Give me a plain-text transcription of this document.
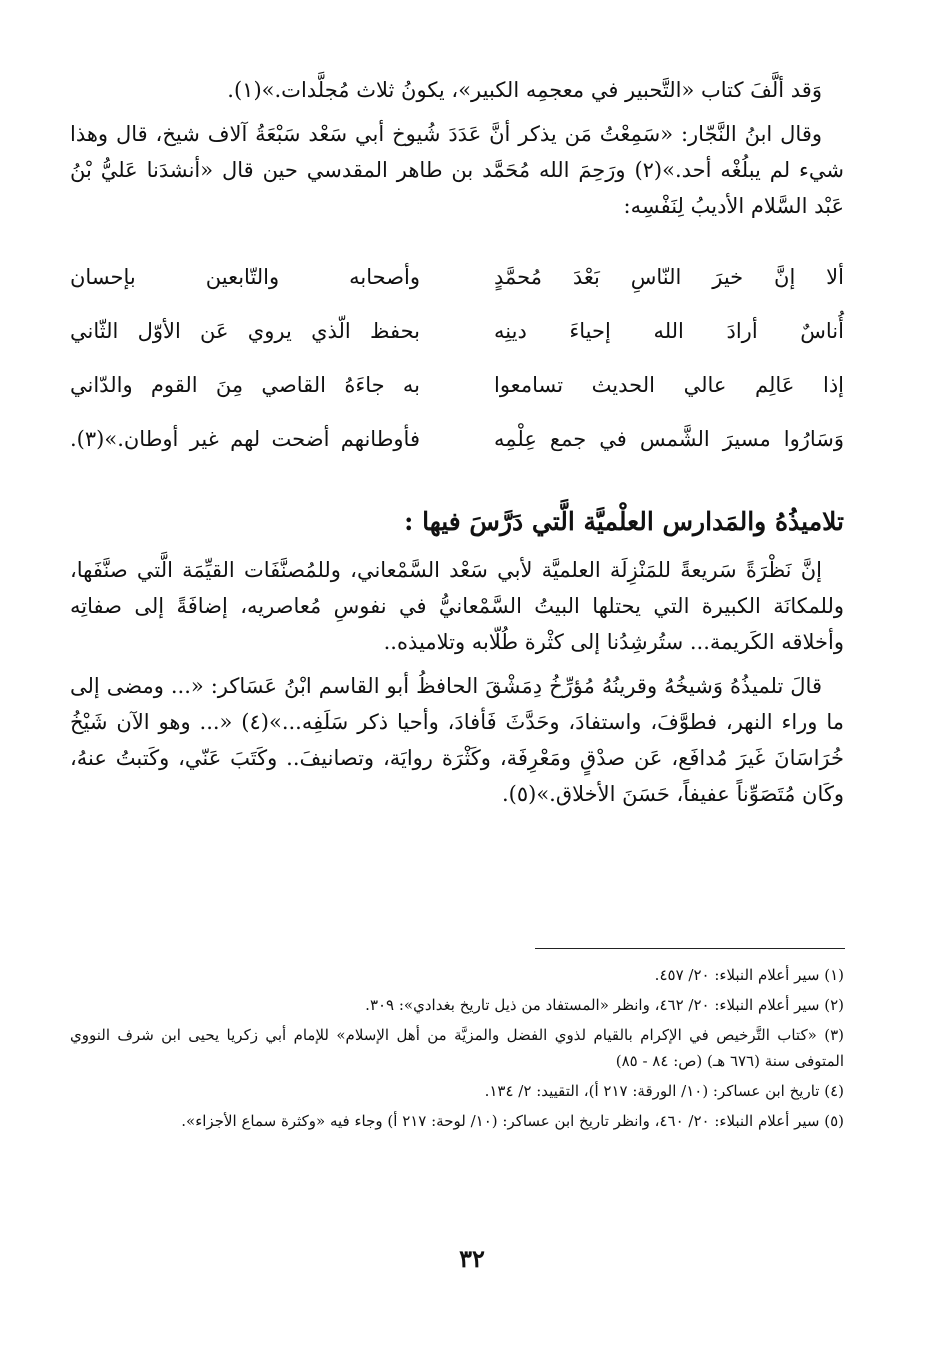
وَقد ألَّفَ كتاب «التَّحبير في معجمِه الكبير»، يكونُ ثلاث مُجلَّدات.»(١).

وقال ابنُ النَّجّار: «سَمِعْتُ مَن يذكر أنَّ عَدَدَ شُيوخ أبي سَعْد سَبْعَةُ آلاف شيخ، قال وهذا شيء لم يبلُغْه أحد.»(٢) ورَحِمَ الله مُحَمَّد بن طاهر المقدسي حين قال «أنشدَنا عَليُّ بْنُ عَبْد السَّلام الأديبُ لِنَفْسِه:

ألا إنَّ خيرَ النّاسِ بَعْدَ مُحمَّدٍ
وأصحابه والتّابعين بإحسان
أُناسٌ أرادَ الله إحياءَ دينِه
بحفظ الّذي يروي عَن الأوّل الثّاني
إذا عَالِم عالي الحديث تسامعوا
به جاءَهُ القاصي مِنَ القوم والدّاني
وَسَارُوا مسيرَ الشَّمس في جمع عِلْمِه
فأوطانهم أضحت لهم غير أوطان.»(٣).
تلاميذُهُ والمَدارس العلْميَّة الَّتي دَرَّسَ فيها :

إنَّ نَظْرَةً سَريعةً للمَنْزِلَة العلميَّة لأبي سَعْد السَّمْعاني، وللمُصنَّفَات القيِّمَة الَّتي صنَّفَها، وللمكانَة الكبيرة التي يحتلها البيتُ السَّمْعانيُّ في نفوسِ مُعاصريه، إضافَةً إلى صفاتِه وأخلاقه الكَريمة... ستُرشِدُنا إلى كثْرة طُلّابه وتلاميذه..

قالَ تلميذُهُ وَشيخُهُ وقرينُهُ مُؤرِّخُ دِمَشْقَ الحافظُ أبو القاسم ابْنُ عَسَاكر: «... ومضى إلى ما وراء النهر، فطوَّفَ، واستفادَ، وحَدَّثَ فَأفادَ، وأحيا ذكر سَلَفِه...»(٤) «... وهو الآن شَيْخُ خُرَاسَانَ غَيرَ مُدافَع، عَن صدْقٍ ومَعْرِفَة، وكَثْرَة روايَة، وتصانيفَ.. وكَتَبَ عَنّي، وكَتبتُ عنهُ، وكَان مُتَصَوِّناً عفيفاً، حَسَنَ الأخلاق.»(٥).

(١) سير أعلام النبلاء: ٢٠/ ٤٥٧.

(٢) سير أعلام النبلاء: ٢٠/ ٤٦٢، وانظر «المستفاد من ذيل تاريخ بغدادي»: ٣٠٩.

(٣) «كتاب التَّرخيص في الإكرام بالقيام لذوي الفضل والمزيَّة من أهل الإسلام» للإمام أبي زكريا يحيى ابن شرف النووي المتوفى سنة (٦٧٦ هـ) (ص: ٨٤ - ٨٥)

(٤) تاريخ ابن عساكر: (١٠/ الورقة: ٢١٧ أ)، التقييد: ٢/ ١٣٤.

(٥) سير أعلام النبلاء: ٢٠/ ٤٦٠، وانظر تاريخ ابن عساكر: (١٠/ لوحة: ٢١٧ أ) وجاء فيه «وكثرة سماع الأجزاء».

٣٢
